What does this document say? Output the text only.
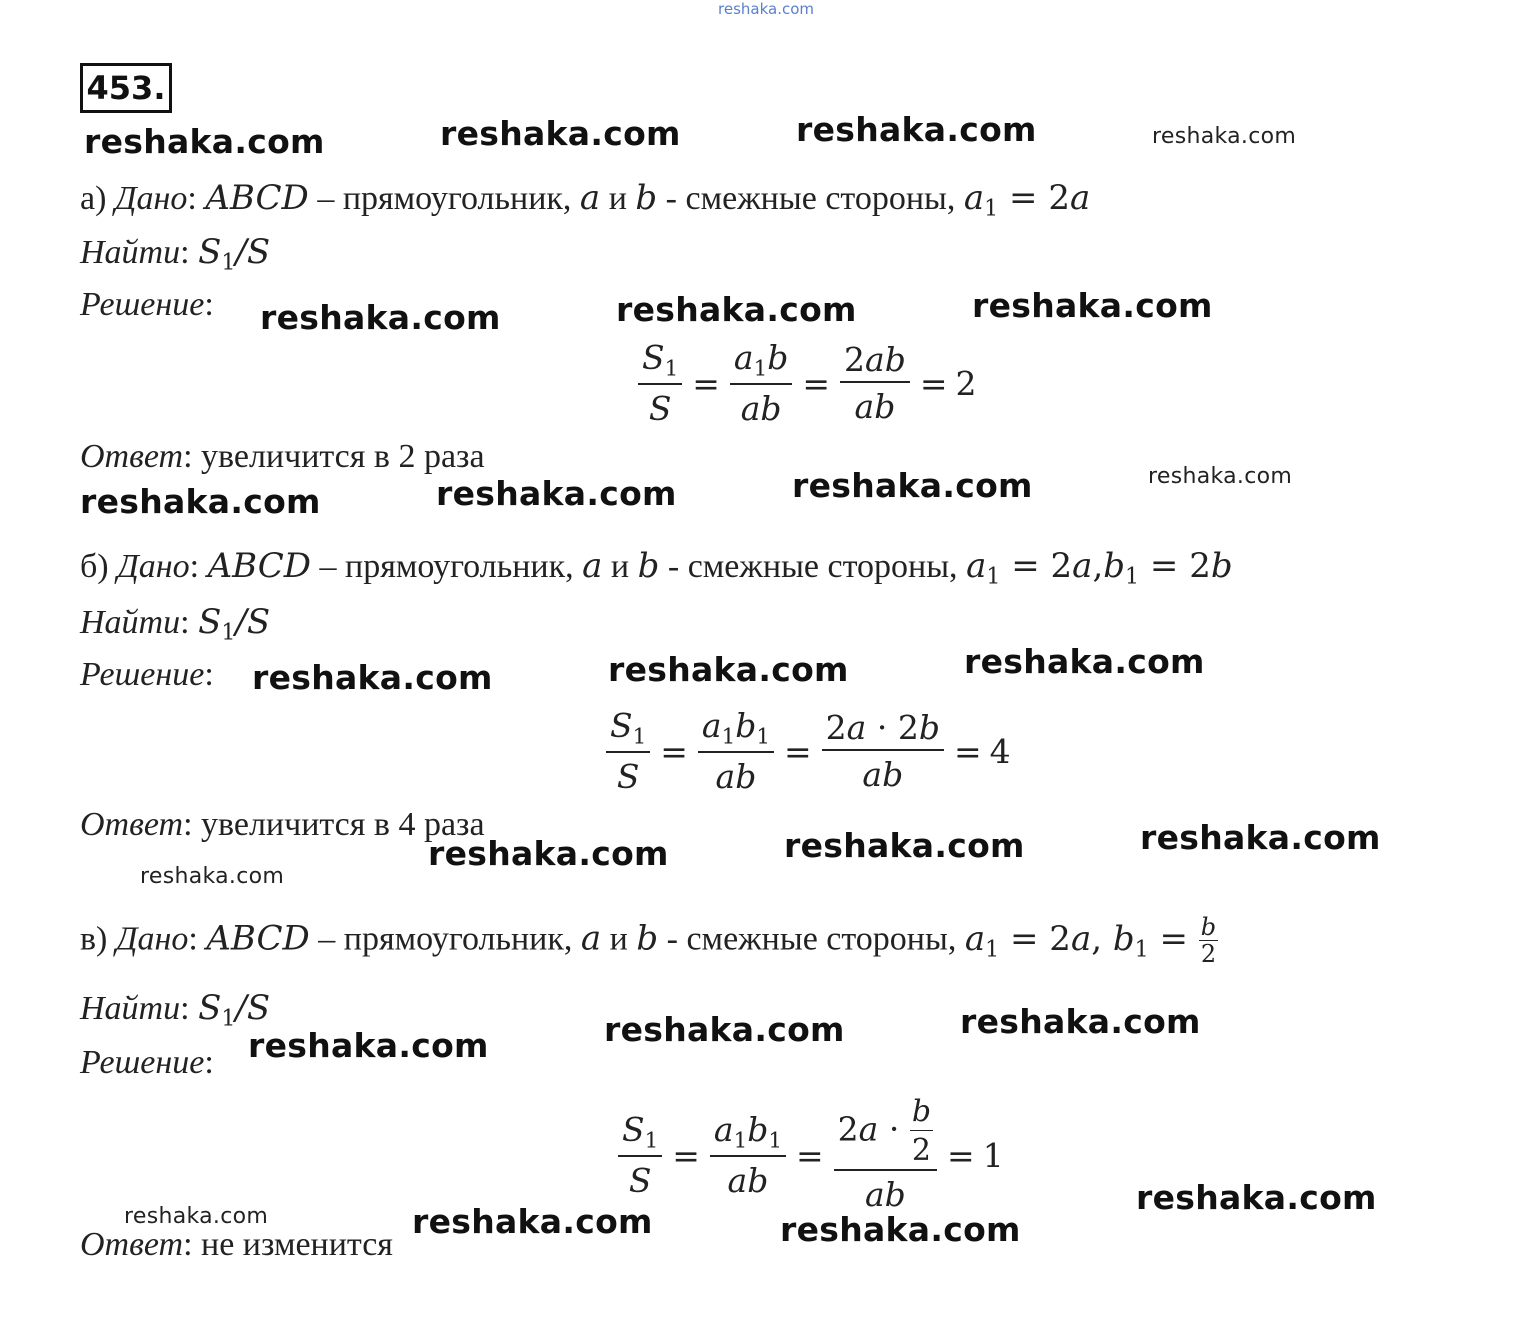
reshaka.com
453.
reshaka.com	reshaka.com	reshaka.com	reshaka.com
reshaka.com	reshaka.com	reshaka.com
reshaka.com	reshaka.com	reshaka.com	reshaka.com
reshaka.com	reshaka.com	reshaka.com
reshaka.com	reshaka.com	reshaka.com
reshaka.com
reshaka.com	reshaka.com	reshaka.com
reshaka.com	reshaka.com	reshaka.com
reshaka.com
а) Дано: ABCD – прямоугольник, a и b - смежные стороны, $a_1 = 2a$
Найти: $S_1/S$
Решение:
$\frac{S_1}{S} = \frac{a_1b}{ab} = \frac{2ab}{ab} = 2$
Ответ: увеличится в 2 раза
б) Дано: ABCD – прямоугольник, a и b - смежные стороны, $a_1 = 2a,b_1 = 2b$
Найти: $S_1/S$
Решение:
$\frac{S_1}{S} = \frac{a_1b_1}{ab} = \frac{2a \cdot 2b}{ab} = 4$
Ответ: увеличится в 4 раза
в) Дано: ABCD – прямоугольник, a и b - смежные стороны, $a_1 = 2a$, $b_1 = \frac{b}{2}$
Найти: $S_1/S$
Решение:
$\frac{S_1}{S} = \frac{a_1b_1}{ab} = \frac{2a \cdot \frac{b}{2}}{ab} = 1$
Ответ: не изменится
